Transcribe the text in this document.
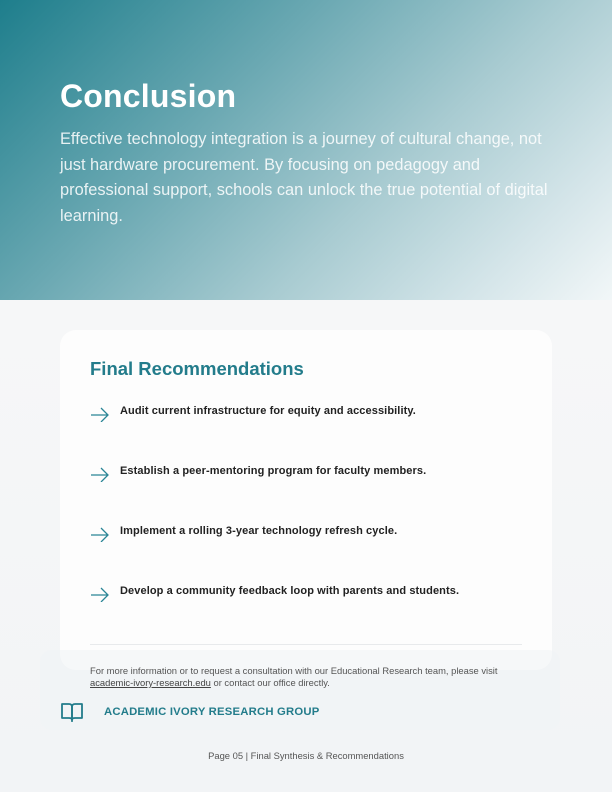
Conclusion

Effective technology integration is a journey of cultural change, not just hardware procurement. By focusing on pedagogy and professional support, schools can unlock the true potential of digital learning.

Final Recommendations
Audit current infrastructure for equity and accessibility.
Establish a peer-mentoring program for faculty members.
Implement a rolling 3-year technology refresh cycle.
Develop a community feedback loop with parents and students.

For more information or to request a consultation with our Educational Research team, please visit academic-ivory-research.edu or contact our office directly.

ACADEMIC IVORY RESEARCH GROUP
Page 05 | Final Synthesis & Recommendations
